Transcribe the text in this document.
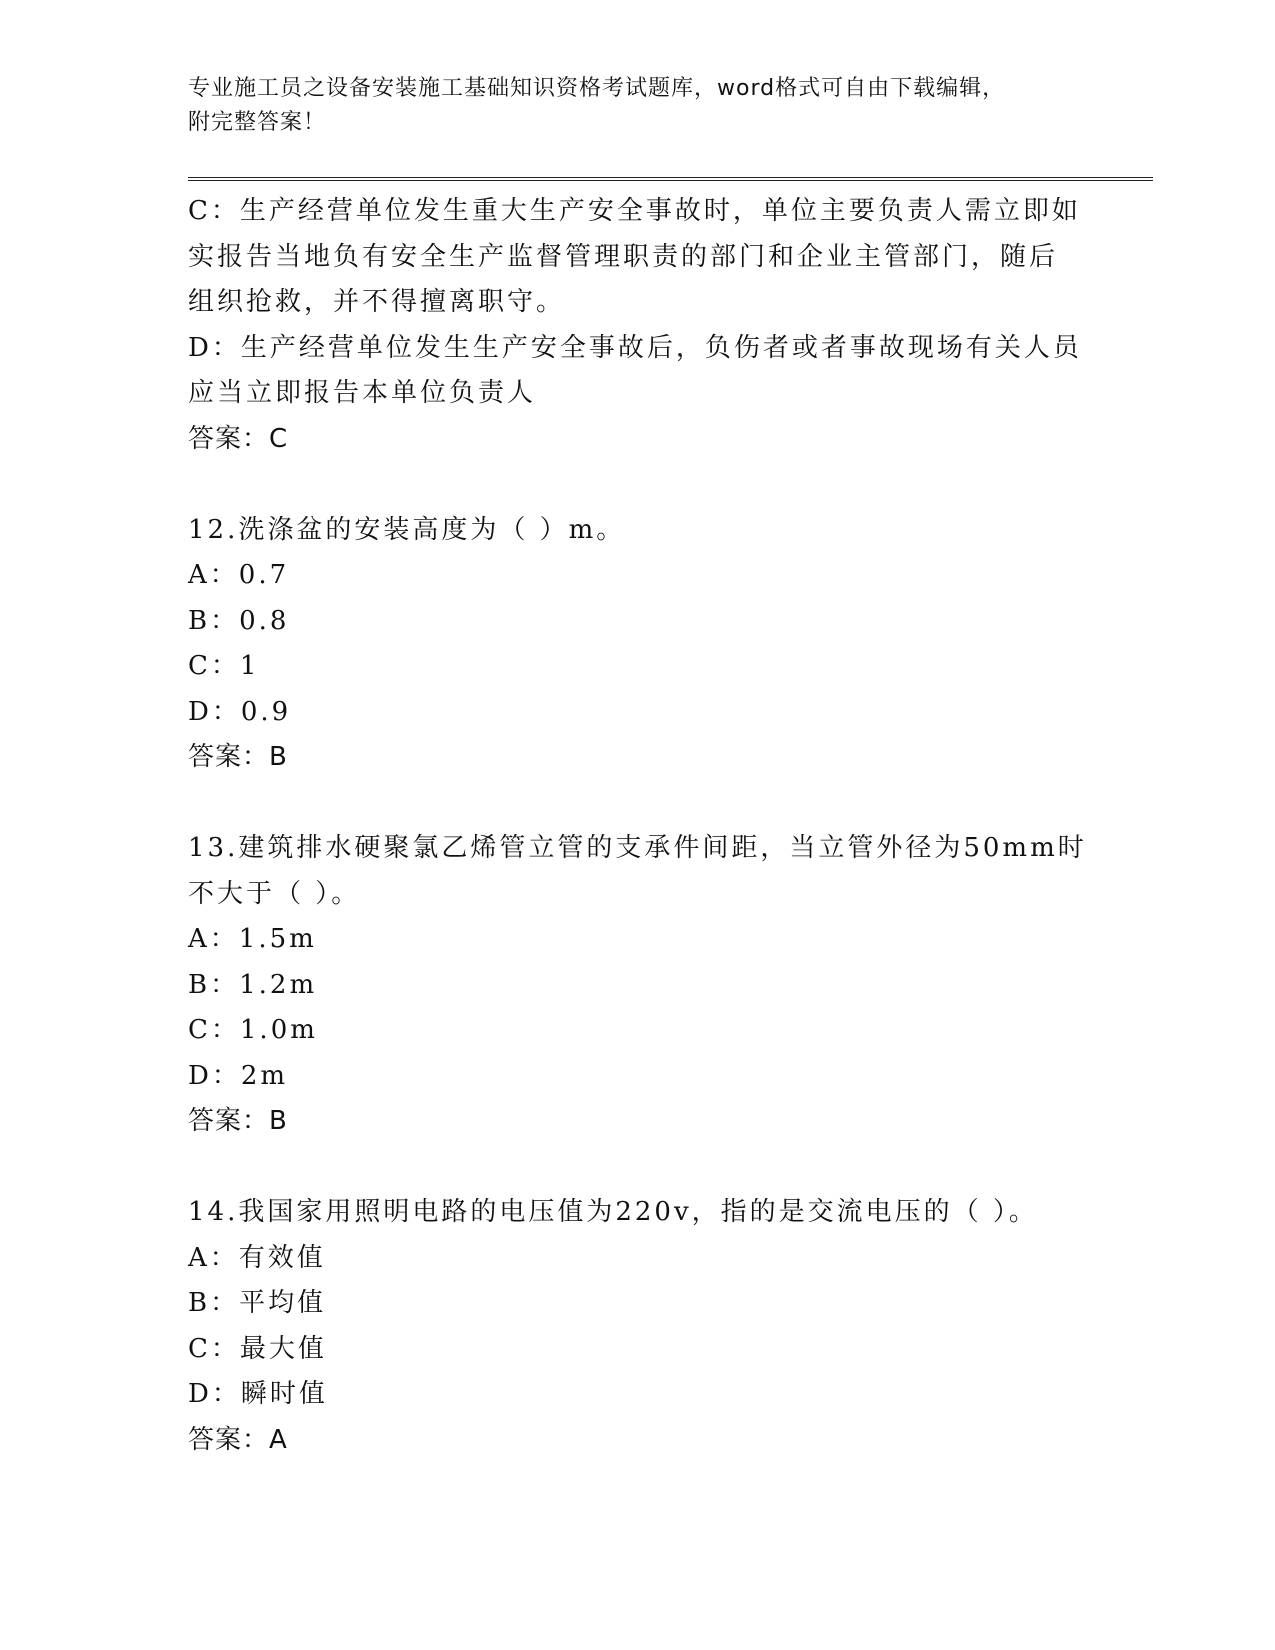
专业施工员之设备安装施工基础知识资格考试题库，word格式可自由下载编辑，
附完整答案！
C：生产经营单位发生重大生产安全事故时，单位主要负责人需立即如
实报告当地负有安全生产监督管理职责的部门和企业主管部门，随后
组织抢救，并不得擅离职守。
D：生产经营单位发生生产安全事故后，负伤者或者事故现场有关人员
应当立即报告本单位负责人
答案：C
12.洗涤盆的安装高度为（ ）m。
A：0.7
B：0.8
C：1
D：0.9
答案：B
13.建筑排水硬聚氯乙烯管立管的支承件间距，当立管外径为50mm时
不大于（ ）。
A：1.5m
B：1.2m
C：1.0m
D：2m
答案：B
14.我国家用照明电路的电压值为220v，指的是交流电压的（ ）。
A：有效值
B：平均值
C：最大值
D：瞬时值
答案：A
